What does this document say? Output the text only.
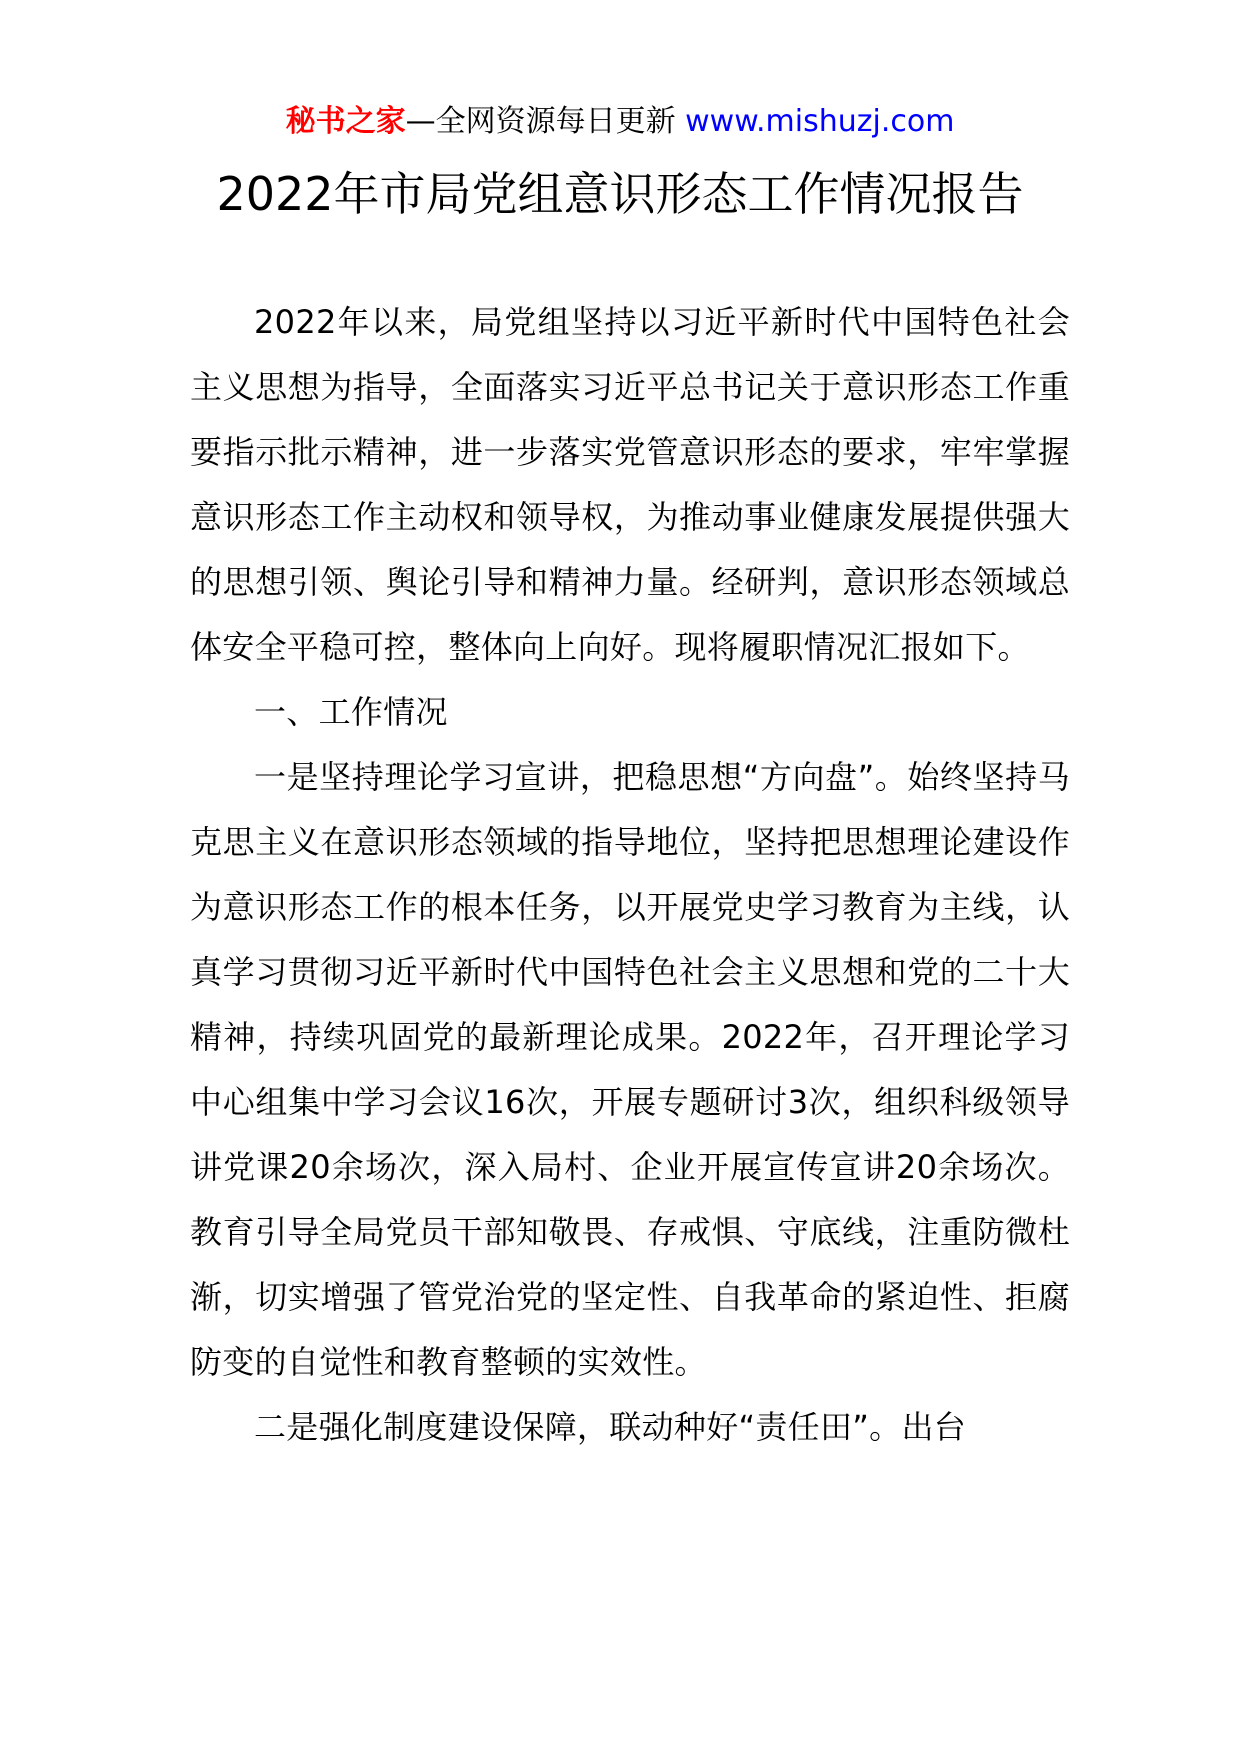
秘书之家—全网资源每日更新 www.mishuzj.com
2022年市局党组意识形态工作情况报告

2022年以来，局党组坚持以习近平新时代中国特色社会主义思想为指导，全面落实习近平总书记关于意识形态工作重要指示批示精神，进一步落实党管意识形态的要求，牢牢掌握意识形态工作主动权和领导权，为推动事业健康发展提供强大的思想引领、舆论引导和精神力量。经研判，意识形态领域总体安全平稳可控，整体向上向好。现将履职情况汇报如下。

一、工作情况

一是坚持理论学习宣讲，把稳思想“方向盘”。始终坚持马克思主义在意识形态领域的指导地位，坚持把思想理论建设作为意识形态工作的根本任务，以开展党史学习教育为主线，认真学习贯彻习近平新时代中国特色社会主义思想和党的二十大精神，持续巩固党的最新理论成果。2022年，召开理论学习中心组集中学习会议16次，开展专题研讨3次，组织科级领导讲党课20余场次，深入局村、企业开展宣传宣讲20余场次。教育引导全局党员干部知敬畏、存戒惧、守底线，注重防微杜渐，切实增强了管党治党的坚定性、自我革命的紧迫性、拒腐防变的自觉性和教育整顿的实效性。

二是强化制度建设保障，联动种好“责任田”。出台
